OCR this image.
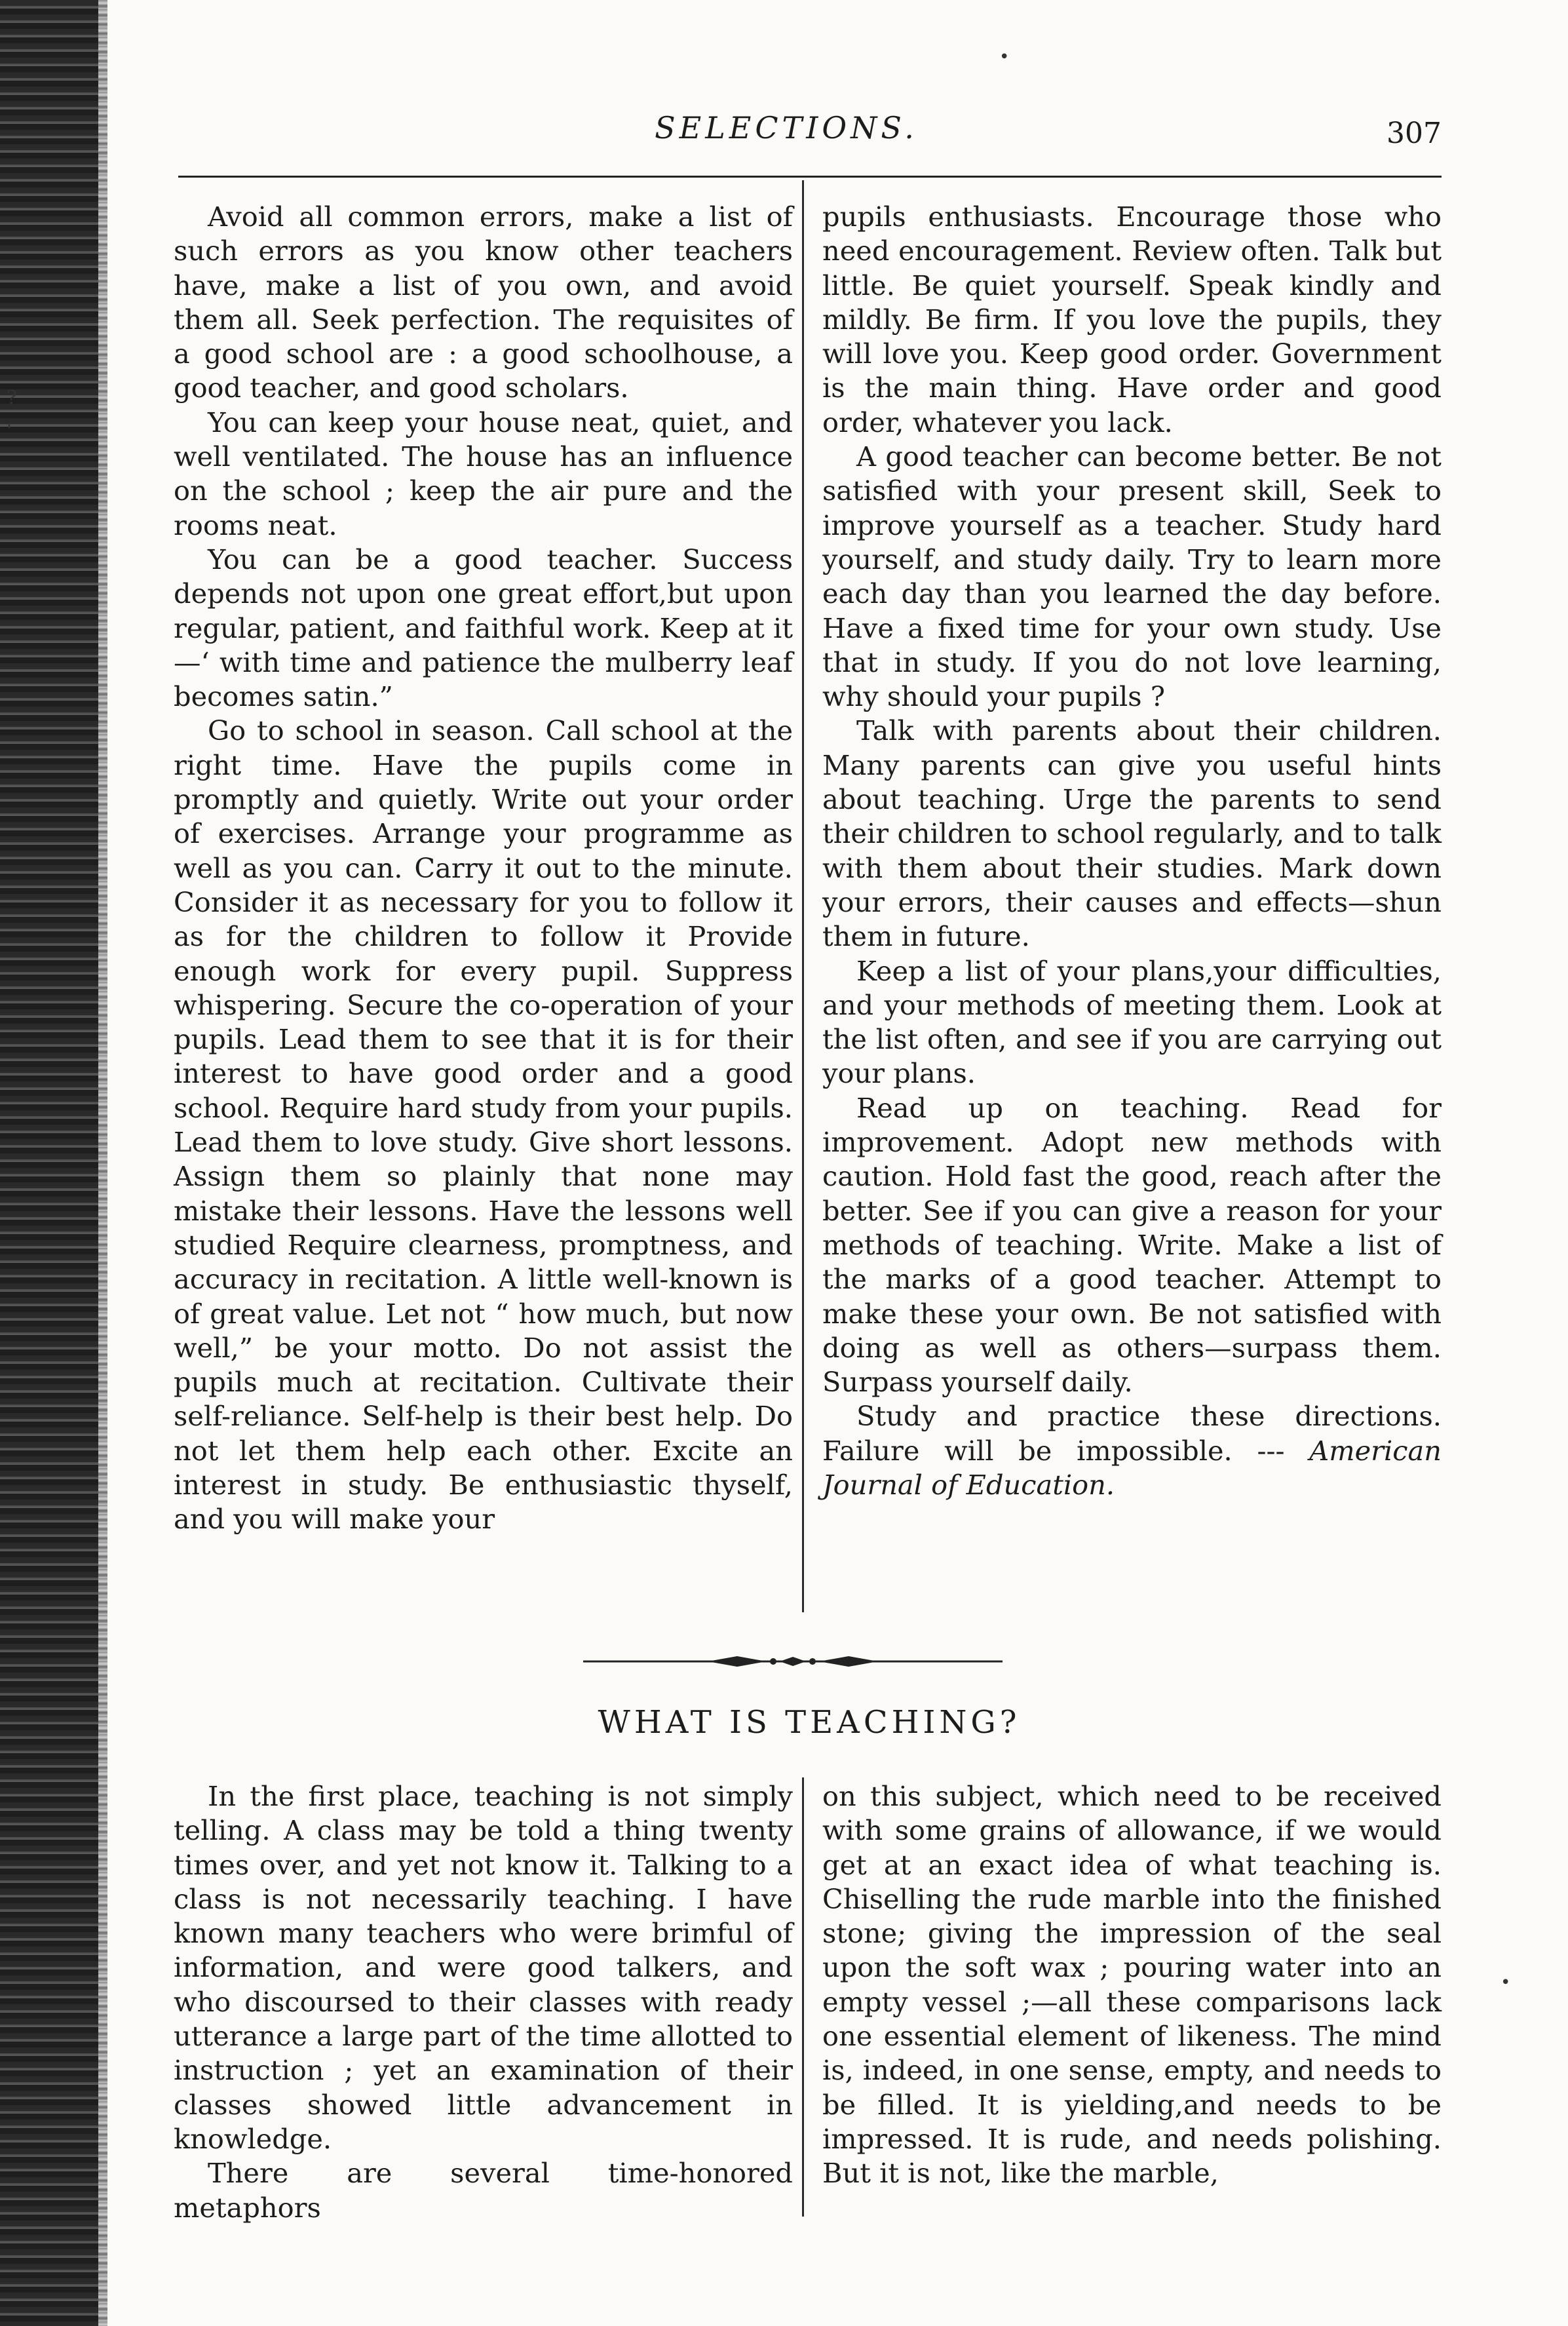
?
'
•
•
SELECTIONS.	307

Avoid all common errors, make a list of such errors as you know other teachers have, make a list of you own, and avoid them all. Seek perfection. The requisites of a good school are : a good schoolhouse, a good teacher, and good scholars.

You can keep your house neat, quiet, and well ventilated. The house has an influence on the school ; keep the air pure and the rooms neat.

You can be a good teacher. Success depends not upon one great effort,but upon regular, patient, and faithful work. Keep at it—‘ with time and patience the mulberry leaf becomes satin.”

Go to school in season. Call school at the right time. Have the pupils come in promptly and quietly. Write out your order of exercises. Arrange your programme as well as you can. Carry it out to the minute. Consider it as necessary for you to follow it as for the children to follow it Provide enough work for every pupil. Suppress whispering. Secure the co-operation of your pupils. Lead them to see that it is for their interest to have good order and a good school. Require hard study from your pupils. Lead them to love study. Give short lessons. Assign them so plainly that none may mistake their lessons. Have the lessons well studied Require clearness, promptness, and accuracy in recitation. A little well-known is of great value. Let not “ how much, but now well,” be your motto. Do not assist the pupils much at recitation. Cultivate their self-reliance. Self-help is their best help. Do not let them help each other. Excite an interest in study. Be enthusiastic thyself, and you will make your

pupils enthusiasts. Encourage those who need encouragement. Review often. Talk but little. Be quiet yourself. Speak kindly and mildly. Be firm. If you love the pupils, they will love you. Keep good order. Government is the main thing. Have order and good order, whatever you lack.

A good teacher can become better. Be not satisfied with your present skill, Seek to improve yourself as a teacher. Study hard yourself, and study daily. Try to learn more each day than you learned the day before. Have a fixed time for your own study. Use that in study. If you do not love learning, why should your pupils ?

Talk with parents about their children. Many parents can give you useful hints about teaching. Urge the parents to send their children to school regularly, and to talk with them about their studies. Mark down your errors, their causes and effects—shun them in future.

Keep a list of your plans,your difficulties, and your methods of meeting them. Look at the list often, and see if you are carrying out your plans.

Read up on teaching. Read for improvement. Adopt new methods with caution. Hold fast the good, reach after the better. See if you can give a reason for your methods of teaching. Write. Make a list of the marks of a good teacher. Attempt to make these your own. Be not satisfied with doing as well as others—surpass them. Surpass yourself daily.

Study and practice these directions. Failure will be impossible. --- American Journal of Education.

WHAT IS TEACHING?

In the first place, teaching is not simply telling. A class may be told a thing twenty times over, and yet not know it. Talking to a class is not necessarily teaching. I have known many teachers who were brimful of information, and were good talkers, and who discoursed to their classes with ready utterance a large part of the time allotted to instruction ; yet an examination of their classes showed little advancement in knowledge.

There are several time-honored metaphors

on this subject, which need to be received with some grains of allowance, if we would get at an exact idea of what teaching is. Chiselling the rude marble into the finished stone; giving the impression of the seal upon the soft wax ; pouring water into an empty vessel ;—all these comparisons lack one essential element of likeness. The mind is, indeed, in one sense, empty, and needs to be filled. It is yielding,and needs to be impressed. It is rude, and needs polishing. But it is not, like the marble,
